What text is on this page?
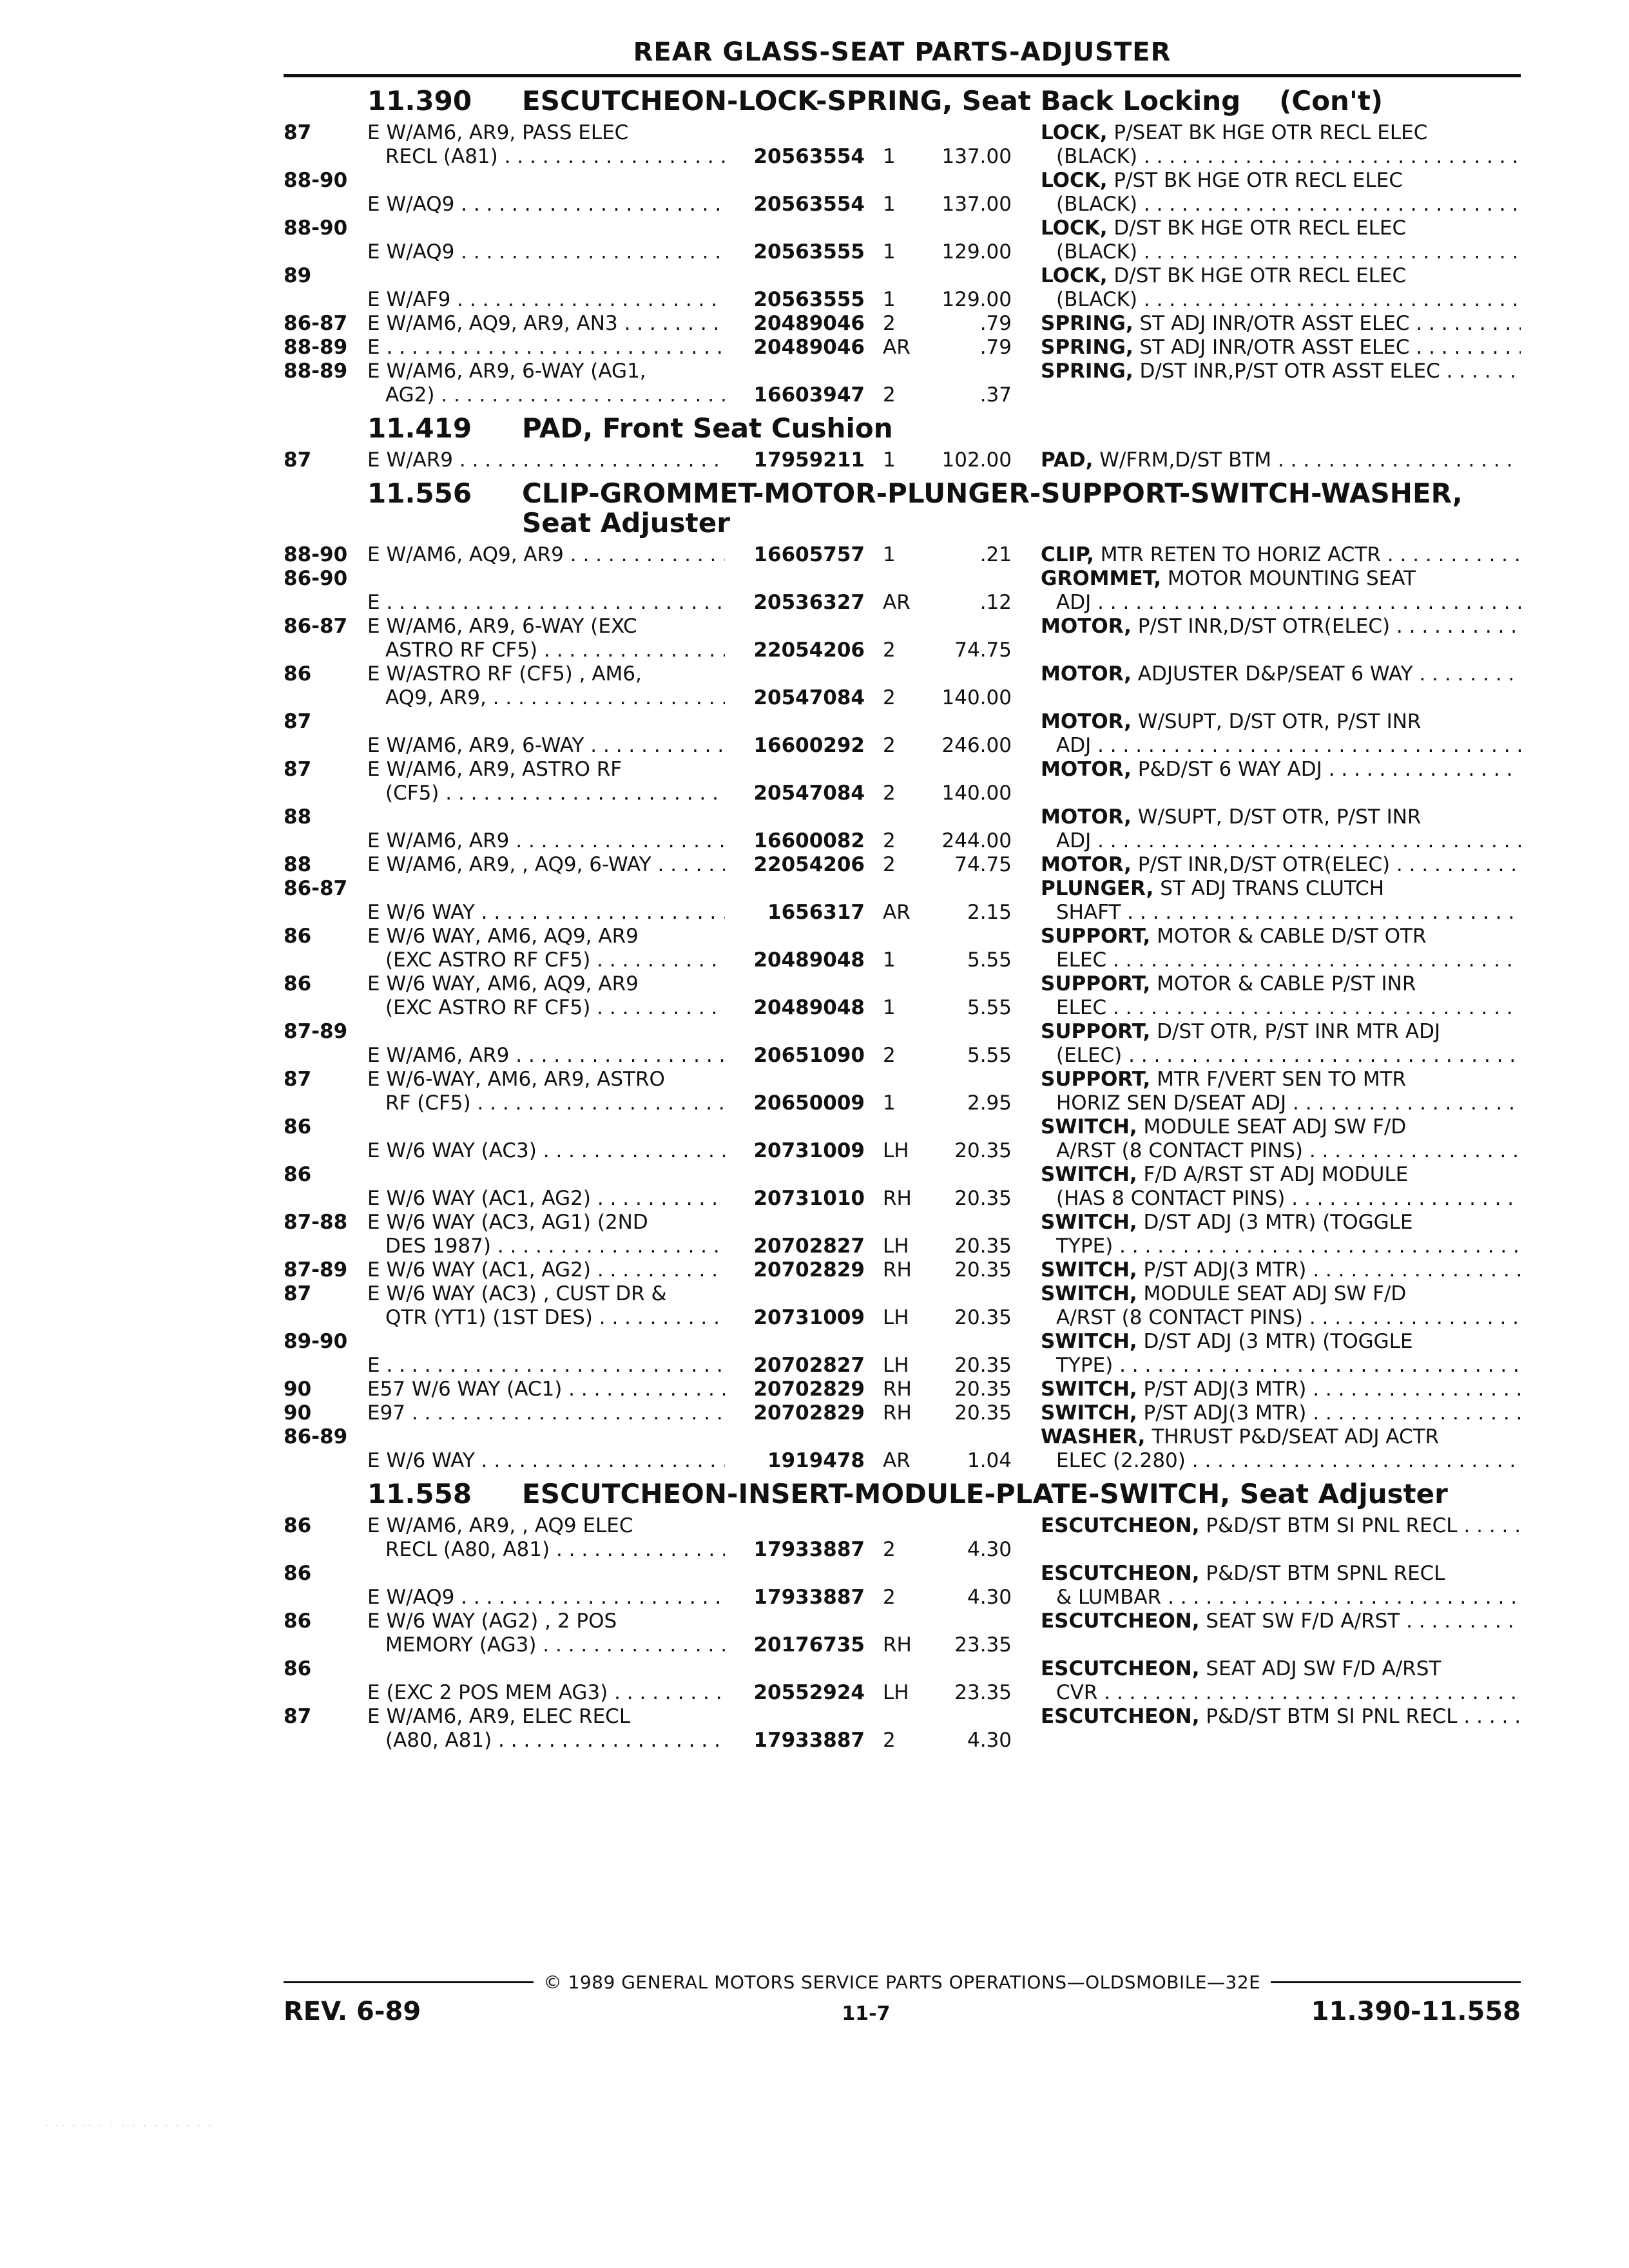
REAR GLASS-SEAT PARTS-ADJUSTER
11.390	ESCUTCHEON-LOCK-SPRING, Seat Back Locking (Con't)
87	E W/AM6, AR9, PASS ELEC	LOCK, P/SEAT BK HGE OTR RECL ELEC
RECL (A81) . . .	20563554 1	137.00	(BLACK) . . .
88-90	LOCK, P/ST BK HGE OTR RECL ELEC
E W/AQ9 . . .	20563554 1	137.00	(BLACK) . . .
88-90	LOCK, D/ST BK HGE OTR RECL ELEC
E W/AQ9 . . .	20563555 1	129.00	(BLACK) . . .
89	LOCK, D/ST BK HGE OTR RECL ELEC
E W/AF9 . . .	20563555 1	129.00	(BLACK) . . .
86-87 E W/AM6, AQ9, AR9, AN3 . . .	20489046 2	.79	SPRING, ST ADJ INR/OTR ASST ELEC . . .
88-89 E . . .	20489046 AR	.79	SPRING, ST ADJ INR/OTR ASST ELEC . . .
88-89 E W/AM6, AR9, 6-WAY (AG1,	SPRING, D/ST INR,P/ST OTR ASST ELEC . . .
AG2) . . .	16603947 2	.37
11.419	PAD, Front Seat Cushion
87	E W/AR9 . . .	17959211 1	102.00	PAD, W/FRM,D/ST BTM . . .
11.556	CLIP-GROMMET-MOTOR-PLUNGER-SUPPORT-SWITCH-WASHER,
Seat Adjuster
88-90 E W/AM6, AQ9, AR9 . . .	16605757 1	.21	CLIP, MTR RETEN TO HORIZ ACTR . . .
86-90	GROMMET, MOTOR MOUNTING SEAT
E . . .	20536327 AR	.12	ADJ . . .
86-87 E W/AM6, AR9, 6-WAY (EXC	MOTOR, P/ST INR,D/ST OTR(ELEC) . . .
ASTRO RF CF5) . . .	22054206 2	74.75
86	E W/ASTRO RF (CF5) , AM6,	MOTOR, ADJUSTER D&P/SEAT 6 WAY . . .
AQ9, AR9, . . .	20547084 2	140.00
87	MOTOR, W/SUPT, D/ST OTR, P/ST INR
E W/AM6, AR9, 6-WAY . . .	16600292 2	246.00	ADJ . . .
87	E W/AM6, AR9, ASTRO RF	MOTOR, P&D/ST 6 WAY ADJ . . .
(CF5) . . .	20547084 2	140.00
88	MOTOR, W/SUPT, D/ST OTR, P/ST INR
E W/AM6, AR9 . . .	16600082 2	244.00	ADJ . . .
88	E W/AM6, AR9, , AQ9, 6-WAY . . .	22054206 2	74.75	MOTOR, P/ST INR,D/ST OTR(ELEC) . . .
86-87	PLUNGER, ST ADJ TRANS CLUTCH
E W/6 WAY . . .	1656317 AR	2.15	SHAFT . . .
86	E W/6 WAY, AM6, AQ9, AR9	SUPPORT, MOTOR & CABLE D/ST OTR
(EXC ASTRO RF CF5) . . .	20489048 1	5.55	ELEC . . .
86	E W/6 WAY, AM6, AQ9, AR9	SUPPORT, MOTOR & CABLE P/ST INR
(EXC ASTRO RF CF5) . . .	20489048 1	5.55	ELEC . . .
87-89	SUPPORT, D/ST OTR, P/ST INR MTR ADJ
E W/AM6, AR9 . . .	20651090 2	5.55	(ELEC) . . .
87	E W/6-WAY, AM6, AR9, ASTRO	SUPPORT, MTR F/VERT SEN TO MTR
RF (CF5) . . .	20650009 1	2.95	HORIZ SEN D/SEAT ADJ . . .
86	SWITCH, MODULE SEAT ADJ SW F/D
E W/6 WAY (AC3) . . .	20731009 LH	20.35	A/RST (8 CONTACT PINS) . . .
86	SWITCH, F/D A/RST ST ADJ MODULE
E W/6 WAY (AC1, AG2) . . .	20731010 RH	20.35	(HAS 8 CONTACT PINS) . . .
87-88 E W/6 WAY (AC3, AG1) (2ND	SWITCH, D/ST ADJ (3 MTR) (TOGGLE
DES 1987) . . .	20702827 LH	20.35	TYPE) . . .
87-89 E W/6 WAY (AC1, AG2) . . .	20702829 RH	20.35	SWITCH, P/ST ADJ(3 MTR) . . .
87	E W/6 WAY (AC3) , CUST DR &	SWITCH, MODULE SEAT ADJ SW F/D
QTR (YT1) (1ST DES) . . .	20731009 LH	20.35	A/RST (8 CONTACT PINS) . . .
89-90	SWITCH, D/ST ADJ (3 MTR) (TOGGLE
E . . .	20702827 LH	20.35	TYPE) . . .
90	E57 W/6 WAY (AC1) . . .	20702829 RH	20.35	SWITCH, P/ST ADJ(3 MTR) . . .
90	E97 . . .	20702829 RH	20.35	SWITCH, P/ST ADJ(3 MTR) . . .
86-89	WASHER, THRUST P&D/SEAT ADJ ACTR
E W/6 WAY . . .	1919478 AR	1.04	ELEC (2.280) . . .
11.558	ESCUTCHEON-INSERT-MODULE-PLATE-SWITCH, Seat Adjuster
86	E W/AM6, AR9, , AQ9 ELEC	ESCUTCHEON, P&D/ST BTM SI PNL RECL . . .
RECL (A80, A81) . . .	17933887 2	4.30
86	ESCUTCHEON, P&D/ST BTM SPNL RECL
E W/AQ9 . . .	17933887 2	4.30	& LUMBAR . . .
86	E W/6 WAY (AG2) , 2 POS	ESCUTCHEON, SEAT SW F/D A/RST . . .
MEMORY (AG3) . . .	20176735 RH	23.35
86	ESCUTCHEON, SEAT ADJ SW F/D A/RST
E (EXC 2 POS MEM AG3) . . .	20552924 LH	23.35	CVR . . .
87	E W/AM6, AR9, ELEC RECL	ESCUTCHEON, P&D/ST BTM SI PNL RECL . . .
(A80, A81) . . .	17933887 2	4.30
© 1989 GENERAL MOTORS SERVICE PARTS OPERATIONS—OLDSMOBILE—32E
REV. 6-89	11-7	11.390-11.558
. .. . .. . . . . . . . . . . .
